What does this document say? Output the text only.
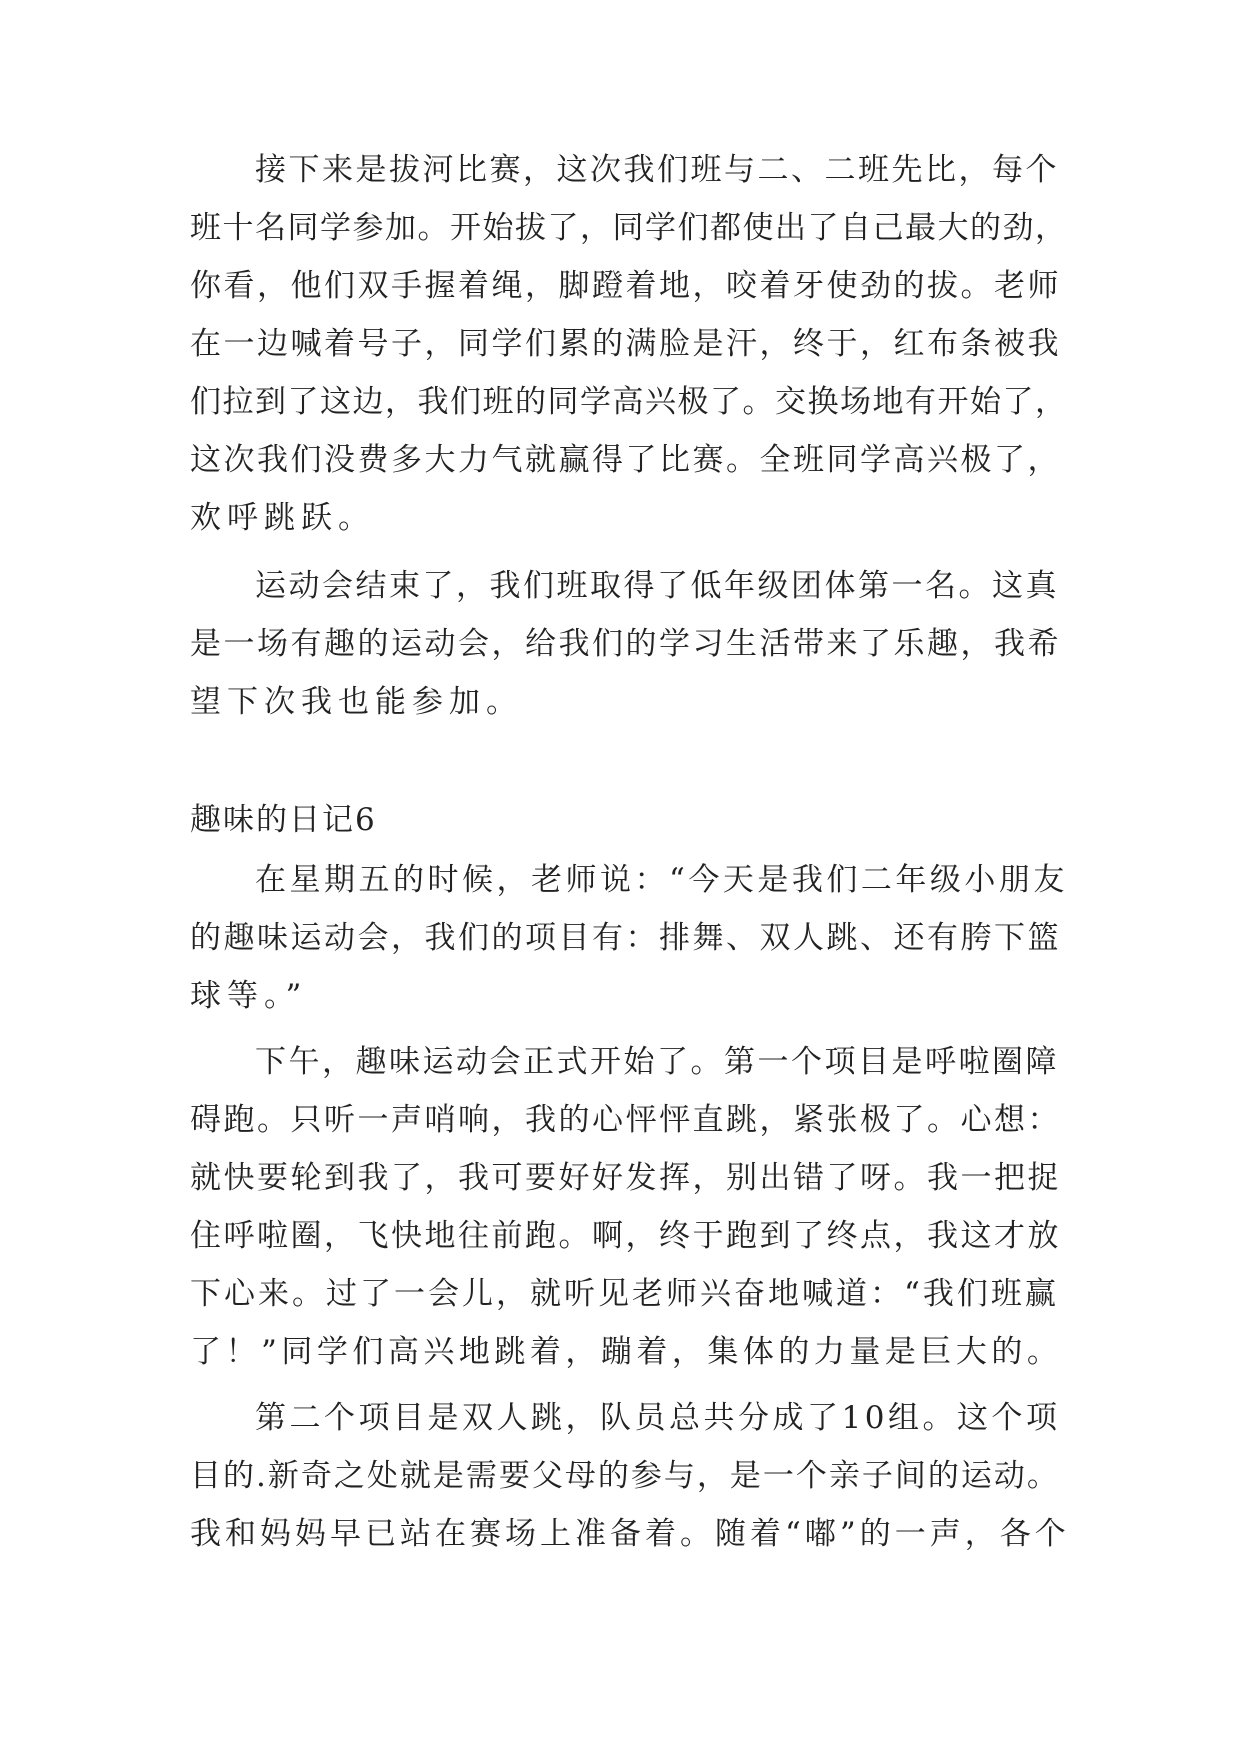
接下来是拔河比赛，这次我们班与二、二班先比，每个
班十名同学参加。开始拔了，同学们都使出了自己最大的劲，
你看，他们双手握着绳，脚蹬着地，咬着牙使劲的拔。老师
在一边喊着号子，同学们累的满脸是汗，终于，红布条被我
们拉到了这边，我们班的同学高兴极了。交换场地有开始了，
这次我们没费多大力气就赢得了比赛。全班同学高兴极了，
欢呼跳跃。
运动会结束了，我们班取得了低年级团体第一名。这真
是一场有趣的运动会，给我们的学习生活带来了乐趣，我希
望下次我也能参加。
趣味的日记6
在星期五的时候，老师说：“今天是我们二年级小朋友
的趣味运动会，我们的项目有：排舞、双人跳、还有胯下篮
球等。”
下午，趣味运动会正式开始了。第一个项目是呼啦圈障
碍跑。只听一声哨响，我的心怦怦直跳，紧张极了。心想：
就快要轮到我了，我可要好好发挥，别出错了呀。我一把捉
住呼啦圈，飞快地往前跑。啊，终于跑到了终点，我这才放
下心来。过了一会儿，就听见老师兴奋地喊道：“我们班赢
了！”同学们高兴地跳着，蹦着，集体的力量是巨大的。
第二个项目是双人跳，队员总共分成了10组。这个项
目的.新奇之处就是需要父母的参与，是一个亲子间的运动。
我和妈妈早已站在赛场上准备着。随着“嘟”的一声，各个
